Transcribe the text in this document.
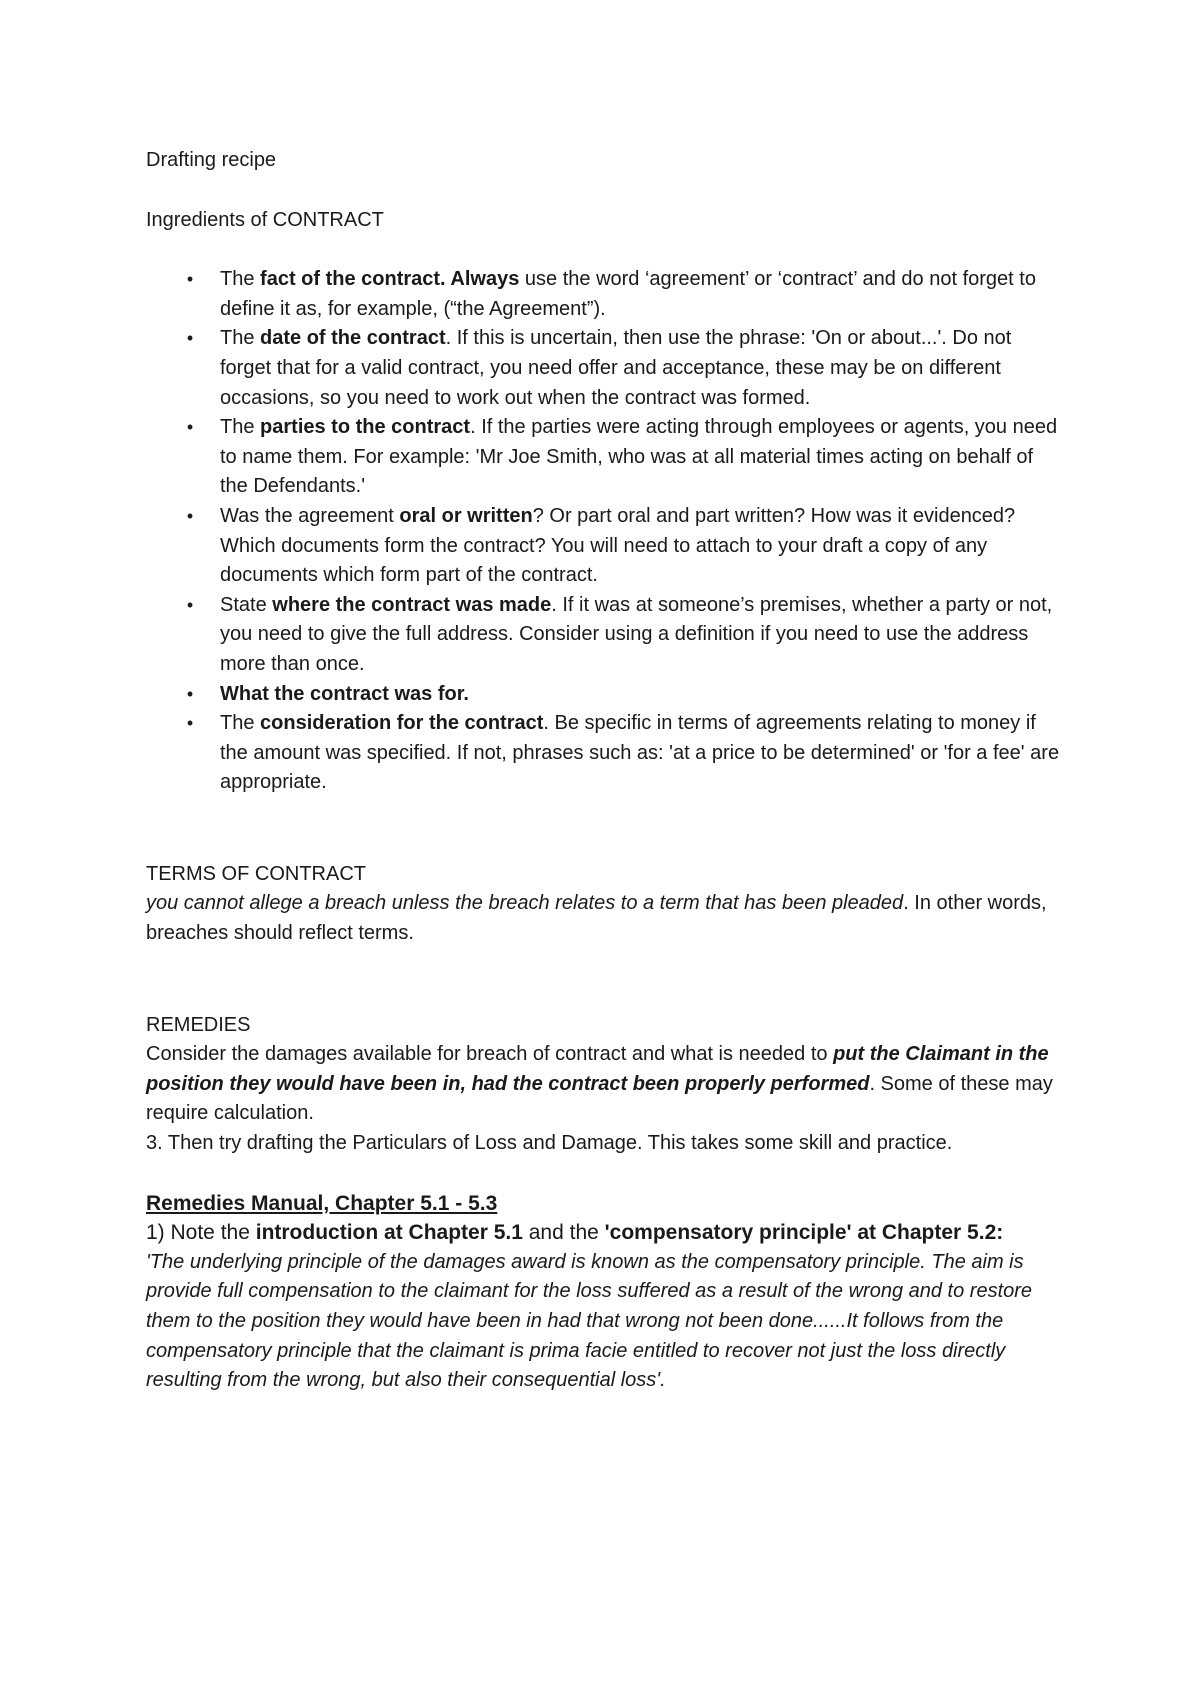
Drafting recipe

Ingredients of CONTRACT

• The fact of the contract. Always use the word ‘agreement’ or ‘contract’ and do not forget to define it as, for example, (“the Agreement”).
• The date of the contract. If this is uncertain, then use the phrase: 'On or about...'. Do not forget that for a valid contract, you need offer and acceptance, these may be on different occasions, so you need to work out when the contract was formed.
• The parties to the contract. If the parties were acting through employees or agents, you need to name them. For example: 'Mr Joe Smith, who was at all material times acting on behalf of the Defendants.'
• Was the agreement oral or written? Or part oral and part written? How was it evidenced? Which documents form the contract? You will need to attach to your draft a copy of any documents which form part of the contract.
• State where the contract was made. If it was at someone’s premises, whether a party or not, you need to give the full address. Consider using a definition if you need to use the address more than once.
• What the contract was for.
• The consideration for the contract. Be specific in terms of agreements relating to money if the amount was specified. If not, phrases such as: 'at a price to be determined' or 'for a fee' are appropriate.

TERMS OF CONTRACT

you cannot allege a breach unless the breach relates to a term that has been pleaded. In other words, breaches should reflect terms.

REMEDIES

Consider the damages available for breach of contract and what is needed to put the Claimant in the position they would have been in, had the contract been properly performed. Some of these may require calculation.

3. Then try drafting the Particulars of Loss and Damage. This takes some skill and practice.

Remedies Manual, Chapter 5.1 - 5.3

1) Note the introduction at Chapter 5.1 and the 'compensatory principle' at Chapter 5.2:

'The underlying principle of the damages award is known as the compensatory principle. The aim is provide full compensation to the claimant for the loss suffered as a result of the wrong and to restore them to the position they would have been in had that wrong not been done......It follows from the compensatory principle that the claimant is prima facie entitled to recover not just the loss directly resulting from the wrong, but also their consequential loss'.
